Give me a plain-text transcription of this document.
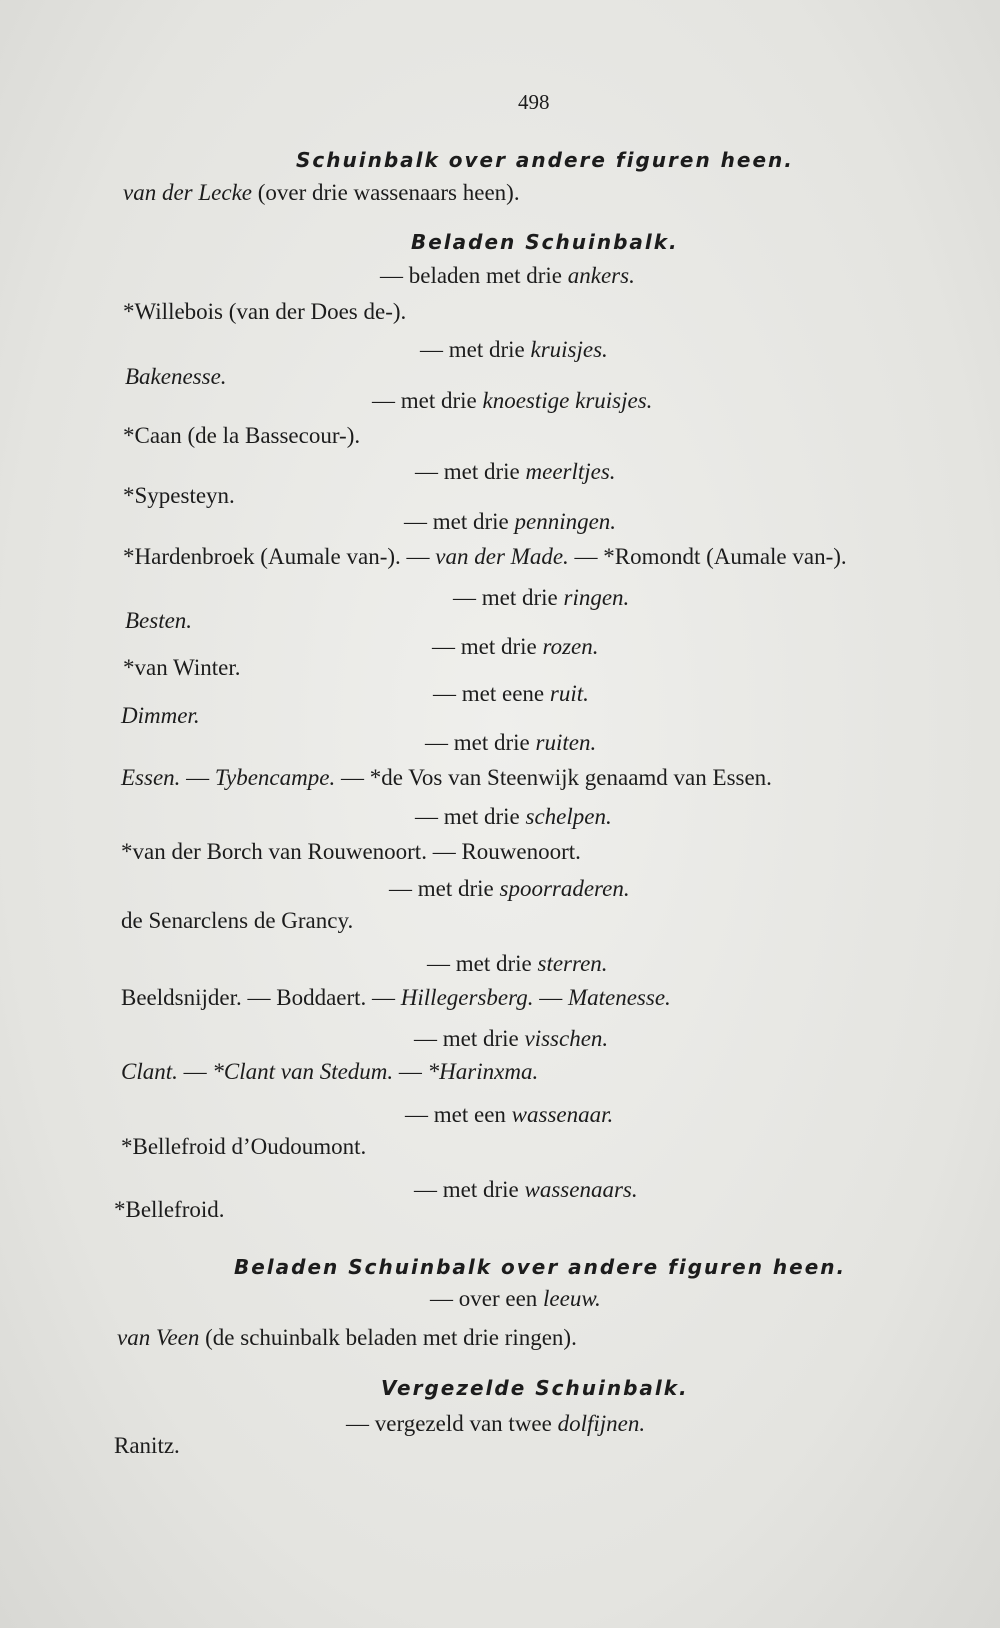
498
Schuinbalk over andere figuren heen.
van der Lecke (over drie wassenaars heen).
Beladen Schuinbalk.
— beladen met drie ankers.
*Willebois (van der Does de-).
— met drie kruisjes.
Bakenesse.
— met drie knoestige kruisjes.
*Caan (de la Bassecour-).
— met drie meerltjes.
*Sypesteyn.
— met drie penningen.
*Hardenbroek (Aumale van-). — van der Made. — *Romondt (Aumale van-).
— met drie ringen.
Besten.
— met drie rozen.
*van Winter.
— met eene ruit.
Dimmer.
— met drie ruiten.
Essen. — Tybencampe. — *de Vos van Steenwijk genaamd van Essen.
— met drie schelpen.
*van der Borch van Rouwenoort. — Rouwenoort.
— met drie spoorraderen.
de Senarclens de Grancy.
— met drie sterren.
Beeldsnijder. — Boddaert. — Hillegersberg. — Matenesse.
— met drie visschen.
Clant. — *Clant van Stedum. — *Harinxma.
— met een wassenaar.
*Bellefroid d’Oudoumont.
— met drie wassenaars.
*Bellefroid.
Beladen Schuinbalk over andere figuren heen.
— over een leeuw.
van Veen (de schuinbalk beladen met drie ringen).
Vergezelde Schuinbalk.
— vergezeld van twee dolfijnen.
Ranitz.
